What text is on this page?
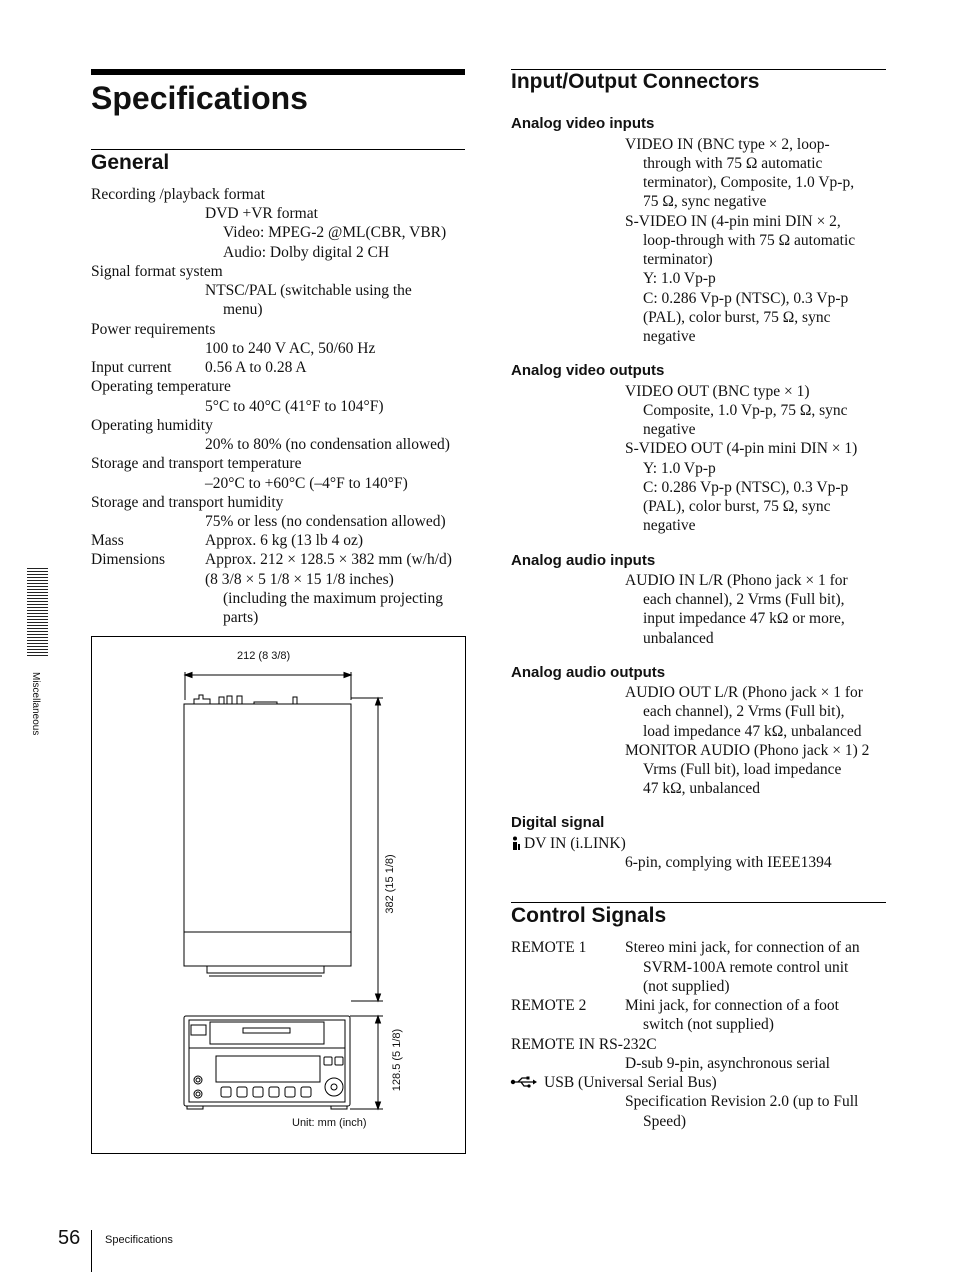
Miscellaneous
Specifications
General
Recording /playback format
DVD +VR format
Video: MPEG-2 @ML(CBR, VBR)
Audio: Dolby digital 2 CH
Signal format system
NTSC/PAL (switchable using the
menu)
Power requirements
100 to 240 V AC, 50/60 Hz
Input current 0.56 A to 0.28 A
Operating temperature
5°C to 40°C (41°F to 104°F)
Operating humidity
20% to 80% (no condensation allowed)
Storage and transport temperature
–20°C to +60°C (–4°F to 140°F)
Storage and transport humidity
75% or less (no condensation allowed)
Mass	Approx. 6 kg (13 lb 4 oz)
Dimensions	Approx. 212 × 128.5 × 382 mm (w/h/d)
(8 3/8 × 5 1/8 × 15 1/8 inches)
(including the maximum projecting
parts)
212 (8 3/8)
Unit: mm (inch)
382 (15 1/8)
128.5 (5 1/8)
Input/Output Connectors
Analog video inputs
VIDEO IN (BNC type × 2, loop-
through with 75 Ω automatic
terminator), Composite, 1.0 Vp-p,
75 Ω, sync negative
S-VIDEO IN (4-pin mini DIN × 2,
loop-through with 75 Ω automatic
terminator)
Y: 1.0 Vp-p
C: 0.286 Vp-p (NTSC), 0.3 Vp-p
(PAL), color burst, 75 Ω, sync
negative
Analog video outputs
VIDEO OUT (BNC type × 1)
Composite, 1.0 Vp-p, 75 Ω, sync
negative
S-VIDEO OUT (4-pin mini DIN × 1)
Y: 1.0 Vp-p
C: 0.286 Vp-p (NTSC), 0.3 Vp-p
(PAL), color burst, 75 Ω, sync
negative
Analog audio inputs
AUDIO IN L/R (Phono jack × 1 for
each channel), 2 Vrms (Full bit),
input impedance 47 kΩ or more,
unbalanced
Analog audio outputs
AUDIO OUT L/R (Phono jack × 1 for
each channel), 2 Vrms (Full bit),
load impedance 47 kΩ, unbalanced
MONITOR AUDIO (Phono jack × 1) 2
Vrms (Full bit), load impedance
47 kΩ, unbalanced
Digital signal
DV IN (i.LINK)
6-pin, complying with IEEE1394
Control Signals
REMOTE 1 Stereo mini jack, for connection of an
SVRM-100A remote control unit
(not supplied)
REMOTE 2 Mini jack, for connection of a foot
switch (not supplied)
REMOTE IN RS-232C
D-sub 9-pin, asynchronous serial
USB (Universal Serial Bus)
Specification Revision 2.0 (up to Full
Speed)
56 Specifications
